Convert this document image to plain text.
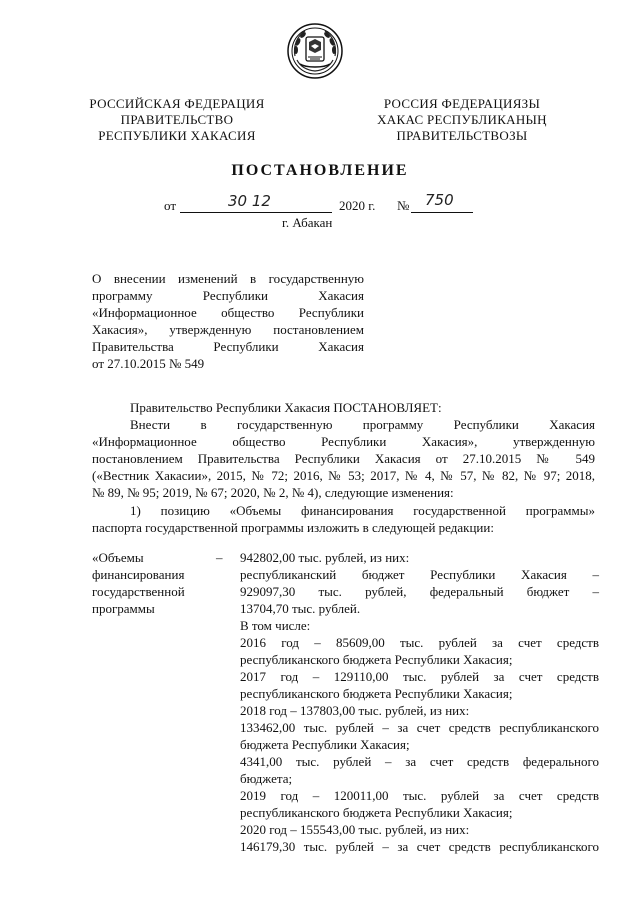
РОССИЙСКАЯ ФЕДЕРАЦИЯ
ПРАВИТЕЛЬСТВО
РЕСПУБЛИКИ ХАКАСИЯ
РОССИЯ ФЕДЕРАЦИЯЗЫ
ХАКАС РЕСПУБЛИКАНЫҢ
ПРАВИТЕЛЬСТВОЗЫ
ПОСТАНОВЛЕНИЕ
от	30 12	2020 г. № 750
г. Абакан
О внесении изменений в государственную
программу Республики Хакасия
«Информационное общество Республики
Хакасия», утвержденную постановлением
Правительства Республики Хакасия
от 27.10.2015 № 549
Правительство Республики Хакасия ПОСТАНОВЛЯЕТ:
Внести в государственную программу Республики Хакасия
«Информационное общество Республики Хакасия», утвержденную
постановлением Правительства Республики Хакасия от 27.10.2015 № 549
(«Вестник Хакасии», 2015, № 72; 2016, № 53; 2017, № 4, № 57, № 82, № 97; 2018,
№ 89, № 95; 2019, № 67; 2020, № 2, № 4), следующие изменения:
1) позицию «Объемы финансирования государственной программы»
паспорта государственной программы изложить в следующей редакции:
«Объемы
финансирования
государственной
программы
– 942802,00 тыс. рублей, из них:
республиканский бюджет Республики Хакасия –
929097,30 тыс. рублей, федеральный бюджет –
13704,70 тыс. рублей.
В том числе:
2016 год – 85609,00 тыс. рублей за счет средств
республиканского бюджета Республики Хакасия;
2017 год – 129110,00 тыс. рублей за счет средств
республиканского бюджета Республики Хакасия;
2018 год – 137803,00 тыс. рублей, из них:
133462,00 тыс. рублей – за счет средств республиканского
бюджета Республики Хакасия;
4341,00 тыс. рублей – за счет средств федерального
бюджета;
2019 год – 120011,00 тыс. рублей за счет средств
республиканского бюджета Республики Хакасия;
2020 год – 155543,00 тыс. рублей, из них:
146179,30 тыс. рублей – за счет средств республиканского
